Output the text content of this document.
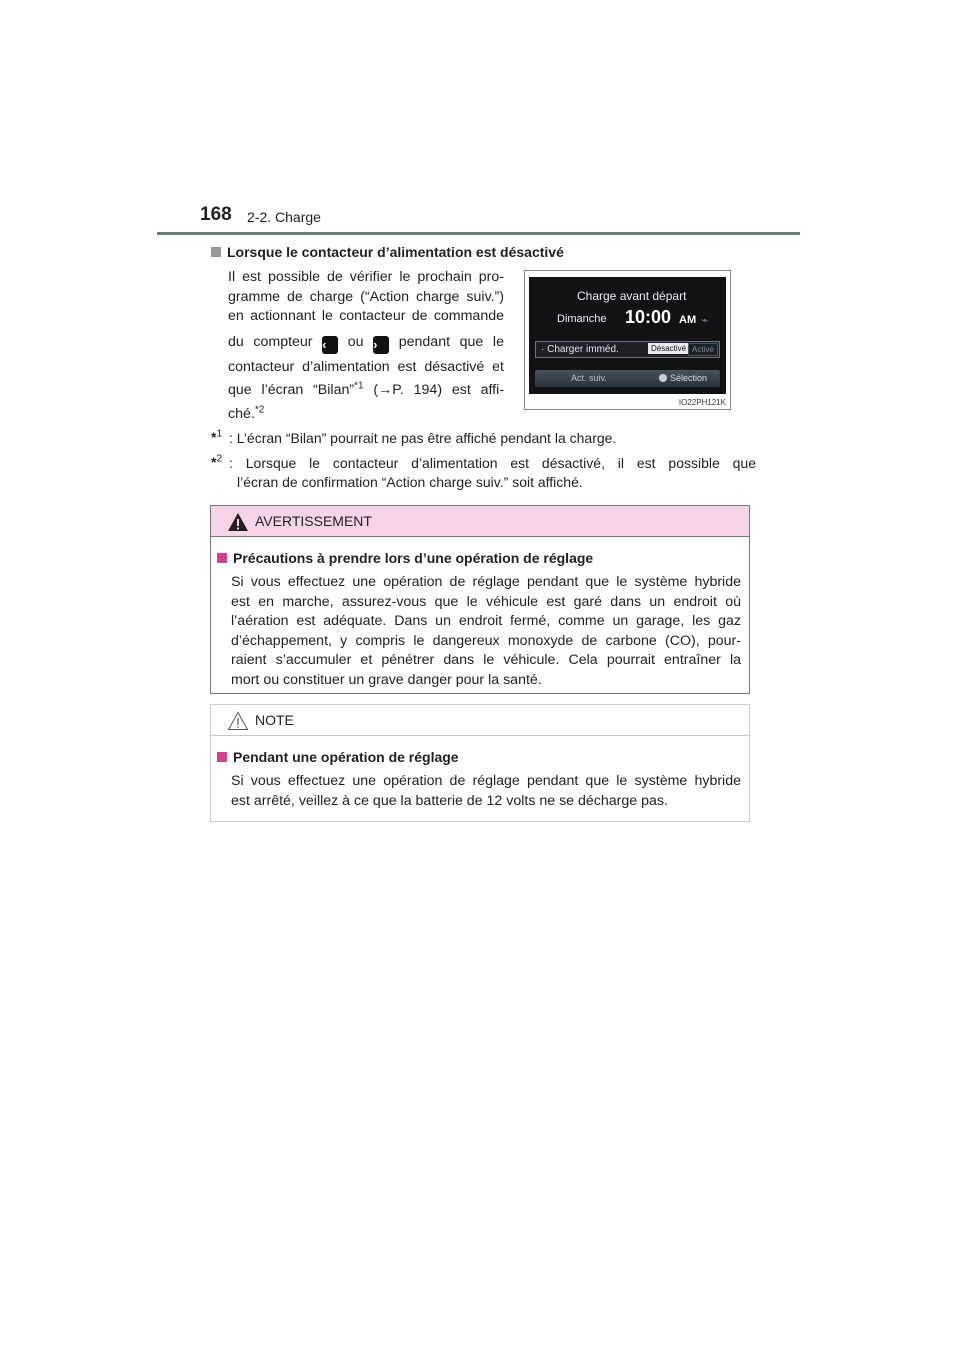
168 2-2. Charge
Lorsque le contacteur d’alimentation est désactivé
Il est possible de vérifier le prochain pro-
gramme de charge (“Action charge suiv.”)
en actionnant le contacteur de commande
du compteur ‹ ou › pendant que le
contacteur d’alimentation est désactivé et
que l’écran “Bilan”$^{*1}$ (→P. 194) est affi-
ché.$^{*2}$
Charge avant départ
Dimanche 10:00 AM ⌁
· Charger imméd.	Désactivé Activé
Act. suiv.	Sélection
IO22PH121K
*$^1$ : L’écran “Bilan” pourrait ne pas être affiché pendant la charge.
*$^2$ : Lorsque le contacteur d’alimentation est désactivé, il est possible que
l’écran de confirmation “Action charge suiv.” soit affiché.
AVERTISSEMENT
Précautions à prendre lors d’une opération de réglage
Si vous effectuez une opération de réglage pendant que le système hybride
est en marche, assurez-vous que le véhicule est garé dans un endroit où
l’aération est adéquate. Dans un endroit fermé, comme un garage, les gaz
d’échappement, y compris le dangereux monoxyde de carbone (CO), pour-
raient s’accumuler et pénétrer dans le véhicule. Cela pourrait entraîner la
mort ou constituer un grave danger pour la santé.
NOTE
Pendant une opération de réglage
Si vous effectuez une opération de réglage pendant que le système hybride
est arrêté, veillez à ce que la batterie de 12 volts ne se décharge pas.
